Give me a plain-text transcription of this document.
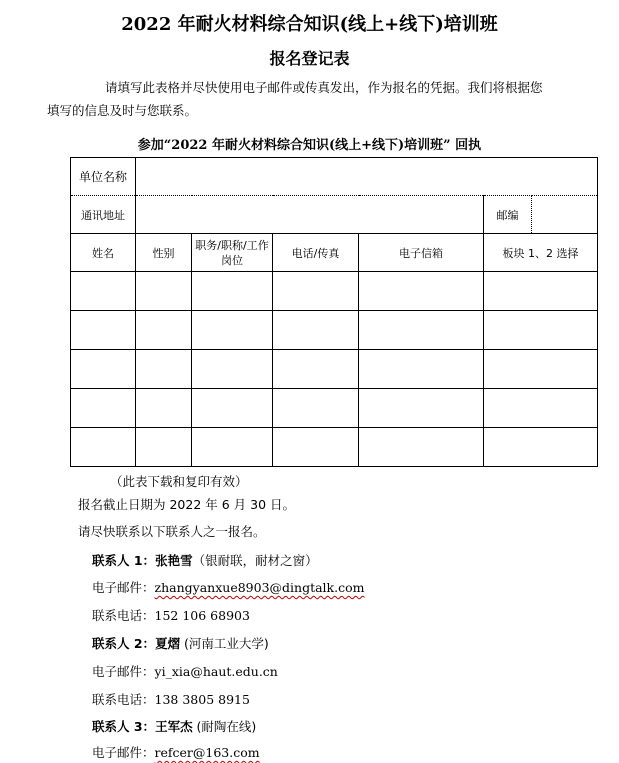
2022 年耐火材料综合知识(线上+线下)培训班
报名登记表
请填写此表格并尽快使用电子邮件或传真发出，作为报名的凭据。我们将根据您
填写的信息及时与您联系。
参加“2022 年耐火材料综合知识(线上+线下)培训班” 回执
单位名称						
通讯地址					邮编	
姓名	性别	职务/职称/工作岗位	电话/传真	电子信箱	板块 1、2 选择	

（此表下载和复印有效）
报名截止日期为 2022 年 6 月 30 日。
请尽快联系以下联系人之一报名。
联系人 1：张艳雪（银耐联，耐材之窗）
电子邮件：zhangyanxue8903@dingtalk.com
联系电话：152 106 68903
联系人 2：夏熠 (河南工业大学)
电子邮件：yi_xia@haut.edu.cn
联系电话：138 3805 8915
联系人 3：王军杰 (耐陶在线)
电子邮件：refcer@163.com
